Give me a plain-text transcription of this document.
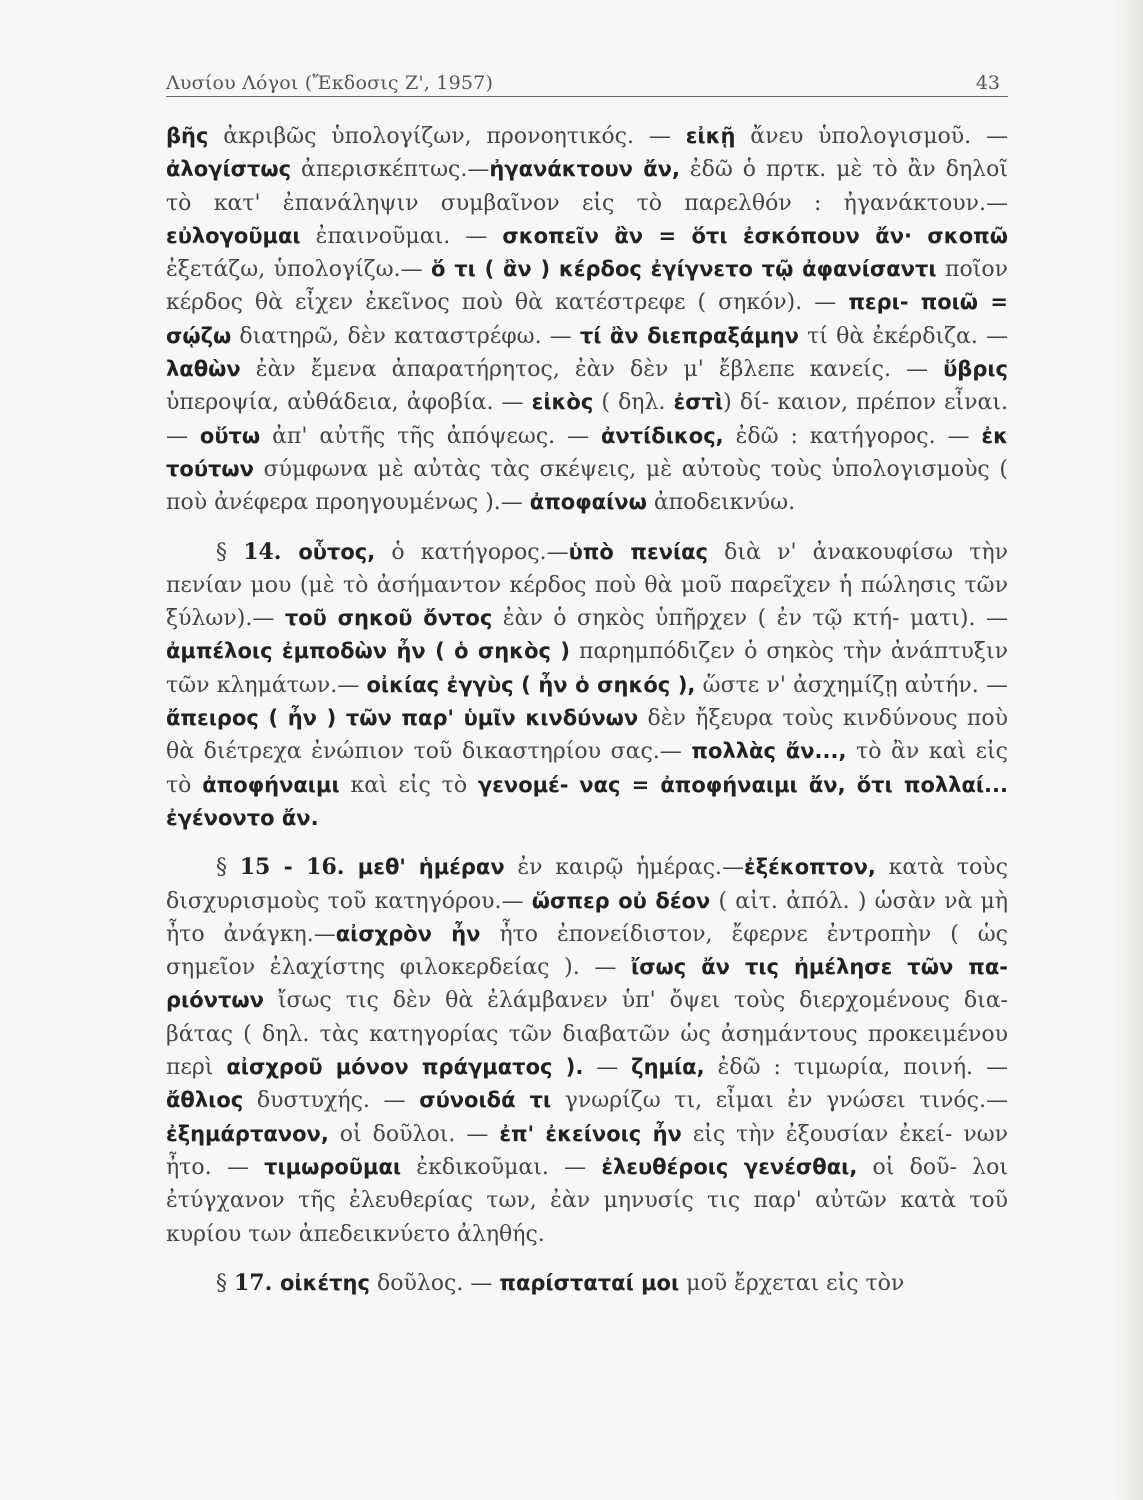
Λυσίου Λόγοι (Ἔκδοσις Ζ', 1957)	43

βῆς ἀκριβῶς ὑπολογίζων, προνοητικός. — εἰκῇ ἄνευ ὑπολογισμοῦ. — ἀλογίστως ἀπερισκέπτως.—ἠγανάκτουν ἄν, ἐδῶ ὁ πρτκ. μὲ τὸ ἂν δηλοῖ τὸ κατ' ἐπανάληψιν συμβαῖνον εἰς τὸ παρελθόν : ἠγανάκτουν.— εὐλογοῦμαι ἐπαινοῦμαι. — σκοπεῖν ἂν = ὅτι ἐσκόπουν ἄν· σκοπῶ ἐξετάζω, ὑπολογίζω.— ὅ τι ( ἂν ) κέρδος ἐγίγνετο τῷ ἀφανίσαντι ποῖον κέρδος θὰ εἶχεν ἐκεῖνος ποὺ θὰ κατέστρεφε ( σηκόν). — περι- ποιῶ = σῴζω διατηρῶ, δὲν καταστρέφω. — τί ἂν διεπραξάμην τί θὰ ἐκέρδιζα. — λαθὼν ἐὰν ἔμενα ἀπαρατήρητος, ἐὰν δὲν μ' ἔβλεπε κανείς. — ὕβρις ὑπεροψία, αὐθάδεια, ἀφοβία. — εἰκὸς ( δηλ. ἐστὶ) δί- καιον, πρέπον εἶναι. — οὕτω ἀπ' αὐτῆς τῆς ἀπόψεως. — ἀντίδικος, ἐδῶ : κατήγορος. — ἐκ τούτων σύμφωνα μὲ αὐτὰς τὰς σκέψεις, μὲ αὐτοὺς τοὺς ὑπολογισμοὺς ( ποὺ ἀνέφερα προηγουμένως ).— ἀποφαίνω ἀποδεικνύω.

§ 14. οὗτος, ὁ κατήγορος.—ὑπὸ πενίας διὰ ν' ἀνακουφίσω τὴν πενίαν μου (μὲ τὸ ἀσήμαντον κέρδος ποὺ θὰ μοῦ παρεῖχεν ἡ πώλησις τῶν ξύλων).— τοῦ σηκοῦ ὄντος ἐὰν ὁ σηκὸς ὑπῆρχεν ( ἐν τῷ κτή- ματι). — ἀμπέλοις ἐμποδὼν ἦν ( ὁ σηκὸς ) παρημπόδιζεν ὁ σηκὸς τὴν ἀνάπτυξιν τῶν κλημάτων.— οἰκίας ἐγγὺς ( ἦν ὁ σηκός ), ὥστε ν' ἀσχημίζῃ αὐτήν. — ἄπειρος ( ἦν ) τῶν παρ' ὑμῖν κινδύνων δὲν ἤξευρα τοὺς κινδύνους ποὺ θὰ διέτρεχα ἐνώπιον τοῦ δικαστηρίου σας.— πολλὰς ἄν..., τὸ ἂν καὶ εἰς τὸ ἀποφήναιμι καὶ εἰς τὸ γενομέ- νας = ἀποφήναιμι ἄν, ὅτι πολλαί... ἐγένοντο ἄν.

§ 15 - 16. μεθ' ἡμέραν ἐν καιρῷ ἡμέρας.—ἐξέκοπτον, κατὰ τοὺς δισχυρισμοὺς τοῦ κατηγόρου.— ὥσπερ οὐ δέον ( αἰτ. ἀπόλ. ) ὡσὰν νὰ μὴ ἦτο ἀνάγκη.—αἰσχρὸν ἦν ἦτο ἐπονείδιστον, ἔφερνε ἐντροπὴν ( ὡς σημεῖον ἐλαχίστης φιλοκερδείας ). — ἴσως ἄν τις ἠμέλησε τῶν πα- ριόντων ἴσως τις δὲν θὰ ἐλάμβανεν ὑπ' ὄψει τοὺς διερχομένους δια- βάτας ( δηλ. τὰς κατηγορίας τῶν διαβατῶν ὡς ἀσημάντους προκειμένου περὶ αἰσχροῦ μόνον πράγματος ). — ζημία, ἐδῶ : τιμωρία, ποινή. — ἄθλιος δυστυχής. — σύνοιδά τι γνωρίζω τι, εἶμαι ἐν γνώσει τινός.— ἐξημάρτανον, οἱ δοῦλοι. — ἐπ' ἐκείνοις ἦν εἰς τὴν ἐξουσίαν ἐκεί- νων ἦτο. — τιμωροῦμαι ἐκδικοῦμαι. — ἐλευθέροις γενέσθαι, οἱ δοῦ- λοι ἐτύγχανον τῆς ἐλευθερίας των, ἐὰν μηνυσίς τις παρ' αὐτῶν κατὰ τοῦ κυρίου των ἀπεδεικνύετο ἀληθής.

§ 17. οἰκέτης δοῦλος. — παρίσταταί μοι μοῦ ἔρχεται εἰς τὸν
